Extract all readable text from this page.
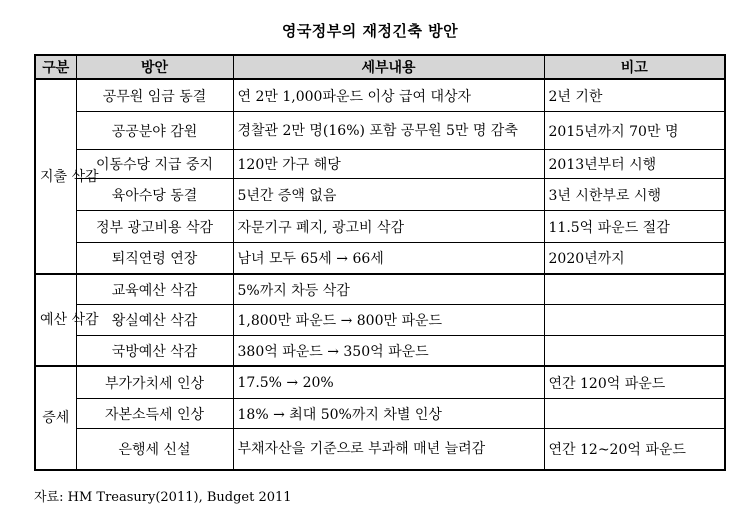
영국정부의 재정긴축 방안
구분	방안	세부내용	비고
지출 삭감	공무원 임금 동결	연 2만 1,000파운드 이상 급여 대상자	2년 기한
	공공분야 감원	경찰관 2만 명(16%) 포함 공무원 5만 명 감축	2015년까지 70만 명
	이동수당 지급 중지	120만 가구 해당	2013년부터 시행
	육아수당 동결	5년간 증액 없음	3년 시한부로 시행
	정부 광고비용 삭감	자문기구 폐지, 광고비 삭감	11.5억 파운드 절감
	퇴직연령 연장	남녀 모두 65세 → 66세	2020년까지
예산 삭감	교육예산 삭감	5%까지 차등 삭감	
	왕실예산 삭감	1,800만 파운드 → 800만 파운드	
	국방예산 삭감	380억 파운드 → 350억 파운드	
증세	부가가치세 인상	17.5% → 20%	연간 120억 파운드
	자본소득세 인상	18% → 최대 50%까지 차별 인상	
	은행세 신설	부채자산을 기준으로 부과해 매년 늘려감	연간 12~20억 파운드
자료: HM Treasury(2011), Budget 2011
